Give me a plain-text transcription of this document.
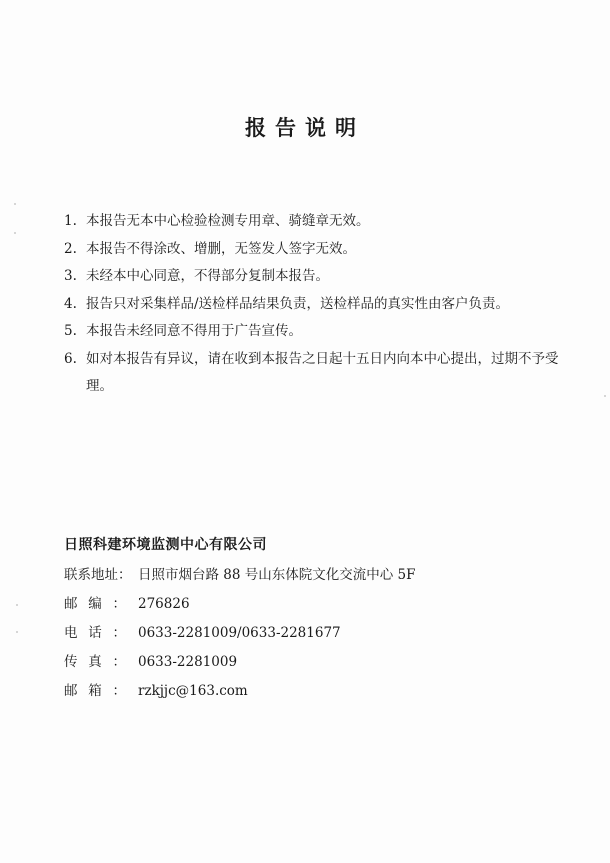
报告说明
1. 本报告无本中心检验检测专用章、骑缝章无效。
2. 本报告不得涂改、增删，无签发人签字无效。
3. 未经本中心同意，不得部分复制本报告。
4. 报告只对采集样品/送检样品结果负责，送检样品的真实性由客户负责。
5. 本报告未经同意不得用于广告宣传。
6. 如对本报告有异议，请在收到本报告之日起十五日内向本中心提出，过期不予受理。
日照科建环境监测中心有限公司
联系地址： 日照市烟台路 88 号山东体院文化交流中心 5F
邮 编 ： 276826
电 话 ： 0633-2281009/0633-2281677
传 真 ： 0633-2281009
邮 箱 ： rzkjjc@163.com
